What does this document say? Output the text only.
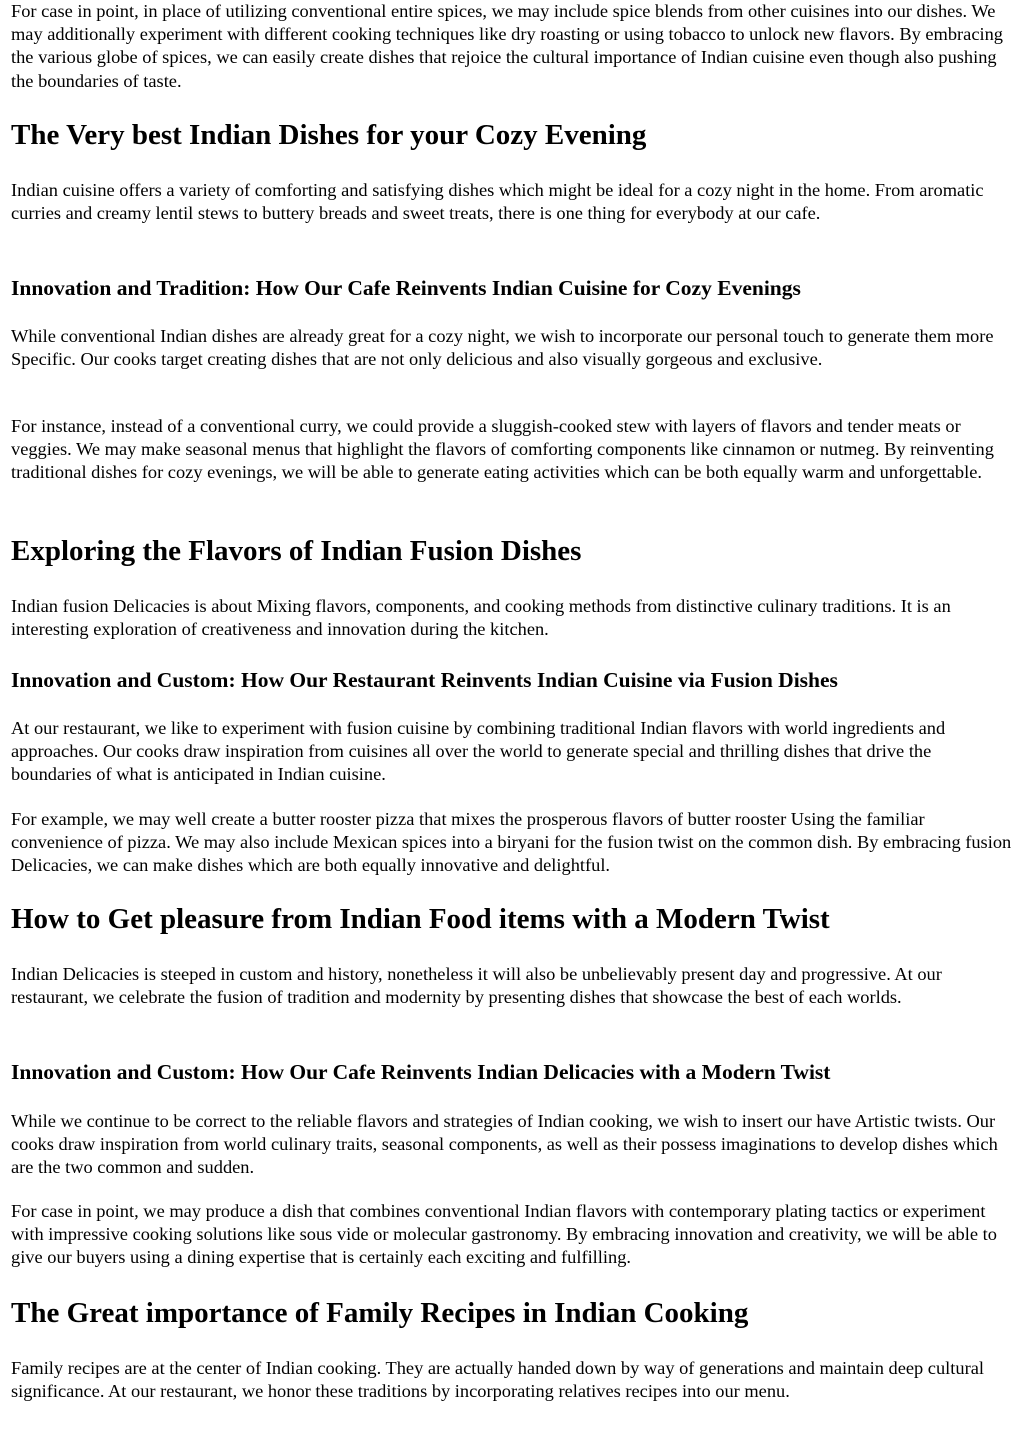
For case in point, in place of utilizing conventional entire spices, we may include spice blends from other cuisines into our dishes. We may additionally experiment with different cooking techniques like dry roasting or using tobacco to unlock new flavors. By embracing the various globe of spices, we can easily create dishes that rejoice the cultural importance of Indian cuisine even though also pushing the boundaries of taste.

The Very best Indian Dishes for your Cozy Evening

Indian cuisine offers a variety of comforting and satisfying dishes which might be ideal for a cozy night in the home. From aromatic curries and creamy lentil stews to buttery breads and sweet treats, there is one thing for everybody at our cafe.

Innovation and Tradition: How Our Cafe Reinvents Indian Cuisine for Cozy Evenings

While conventional Indian dishes are already great for a cozy night, we wish to incorporate our personal touch to generate them more Specific. Our cooks target creating dishes that are not only delicious and also visually gorgeous and exclusive.

For instance, instead of a conventional curry, we could provide a sluggish-cooked stew with layers of flavors and tender meats or veggies. We may make seasonal menus that highlight the flavors of comforting components like cinnamon or nutmeg. By reinventing traditional dishes for cozy evenings, we will be able to generate eating activities which can be both equally warm and unforgettable.

Exploring the Flavors of Indian Fusion Dishes

Indian fusion Delicacies is about Mixing flavors, components, and cooking methods from distinctive culinary traditions. It is an interesting exploration of creativeness and innovation during the kitchen.

Innovation and Custom: How Our Restaurant Reinvents Indian Cuisine via Fusion Dishes

At our restaurant, we like to experiment with fusion cuisine by combining traditional Indian flavors with world ingredients and approaches. Our cooks draw inspiration from cuisines all over the world to generate special and thrilling dishes that drive the boundaries of what is anticipated in Indian cuisine.

For example, we may well create a butter rooster pizza that mixes the prosperous flavors of butter rooster Using the familiar convenience of pizza. We may also include Mexican spices into a biryani for the fusion twist on the common dish. By embracing fusion Delicacies, we can make dishes which are both equally innovative and delightful.

How to Get pleasure from Indian Food items with a Modern Twist

Indian Delicacies is steeped in custom and history, nonetheless it will also be unbelievably present day and progressive. At our restaurant, we celebrate the fusion of tradition and modernity by presenting dishes that showcase the best of each worlds.

Innovation and Custom: How Our Cafe Reinvents Indian Delicacies with a Modern Twist

While we continue to be correct to the reliable flavors and strategies of Indian cooking, we wish to insert our have Artistic twists. Our cooks draw inspiration from world culinary traits, seasonal components, as well as their possess imaginations to develop dishes which are the two common and sudden.

For case in point, we may produce a dish that combines conventional Indian flavors with contemporary plating tactics or experiment with impressive cooking solutions like sous vide or molecular gastronomy. By embracing innovation and creativity, we will be able to give our buyers using a dining expertise that is certainly each exciting and fulfilling.

The Great importance of Family Recipes in Indian Cooking

Family recipes are at the center of Indian cooking. They are actually handed down by way of generations and maintain deep cultural significance. At our restaurant, we honor these traditions by incorporating relatives recipes into our menu.
